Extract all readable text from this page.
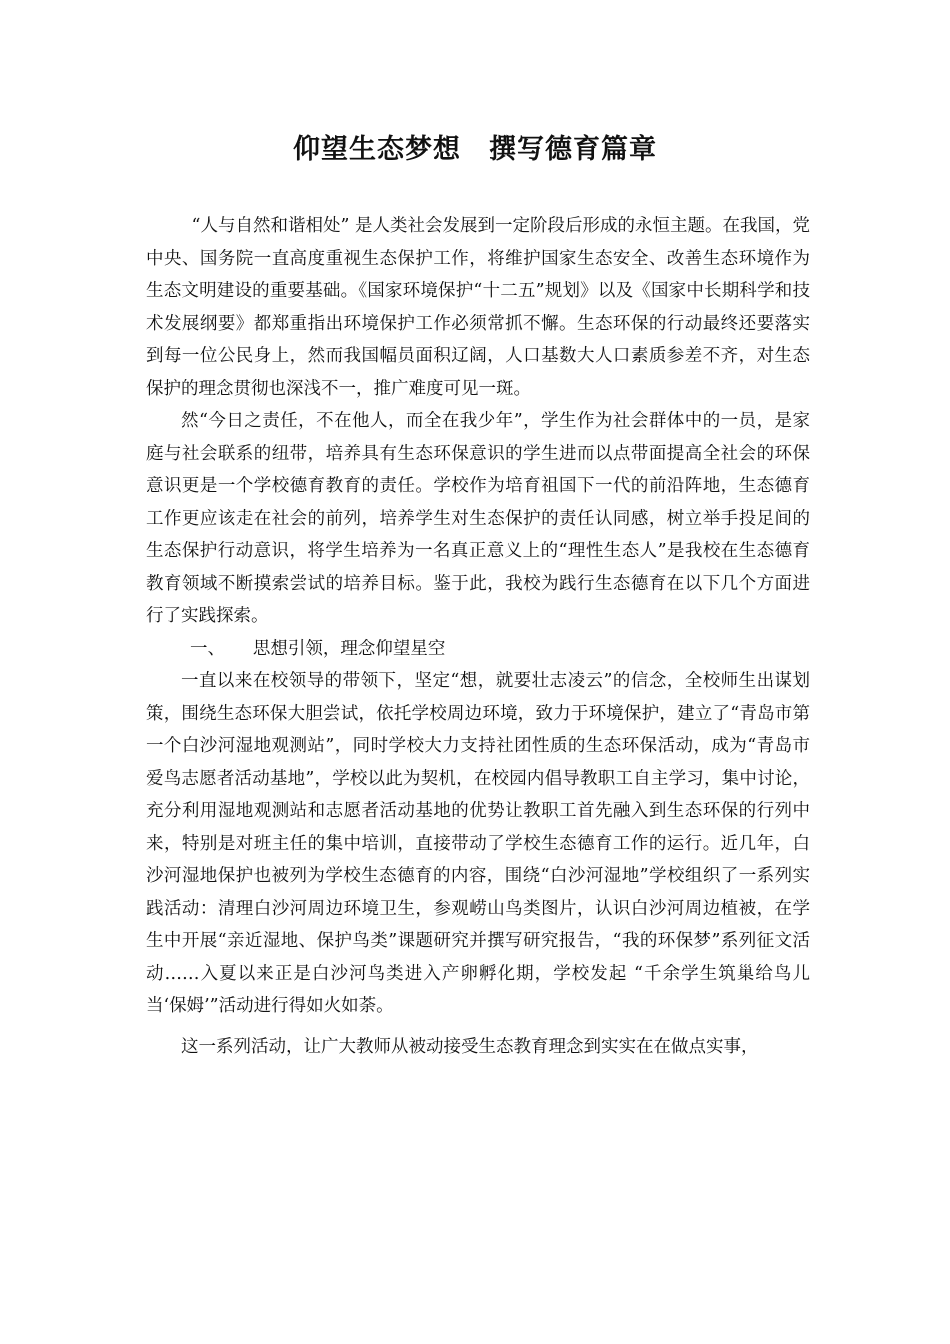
仰望生态梦想　撰写德育篇章

“人与自然和谐相处” 是人类社会发展到一定阶段后形成的永恒主题。在我国，党中央、国务院一直高度重视生态保护工作，将维护国家生态安全、改善生态环境作为生态文明建设的重要基础。《国家环境保护“十二五”规划》以及《国家中长期科学和技术发展纲要》都郑重指出环境保护工作必须常抓不懈。生态环保的行动最终还要落实到每一位公民身上，然而我国幅员面积辽阔，人口基数大人口素质参差不齐，对生态保护的理念贯彻也深浅不一，推广难度可见一斑。

然“今日之责任，不在他人，而全在我少年”，学生作为社会群体中的一员，是家庭与社会联系的纽带，培养具有生态环保意识的学生进而以点带面提高全社会的环保意识更是一个学校德育教育的责任。学校作为培育祖国下一代的前沿阵地，生态德育工作更应该走在社会的前列，培养学生对生态保护的责任认同感，树立举手投足间的生态保护行动意识，将学生培养为一名真正意义上的“理性生态人”是我校在生态德育教育领域不断摸索尝试的培养目标。鉴于此，我校为践行生态德育在以下几个方面进行了实践探索。

一、 思想引领，理念仰望星空

一直以来在校领导的带领下，坚定“想，就要壮志凌云”的信念，全校师生出谋划策，围绕生态环保大胆尝试，依托学校周边环境，致力于环境保护，建立了“青岛市第一个白沙河湿地观测站”，同时学校大力支持社团性质的生态环保活动，成为“青岛市爱鸟志愿者活动基地”，学校以此为契机，在校园内倡导教职工自主学习，集中讨论，充分利用湿地观测站和志愿者活动基地的优势让教职工首先融入到生态环保的行列中来，特别是对班主任的集中培训，直接带动了学校生态德育工作的运行。近几年，白沙河湿地保护也被列为学校生态德育的内容，围绕“白沙河湿地”学校组织了一系列实践活动：清理白沙河周边环境卫生，参观崂山鸟类图片，认识白沙河周边植被，在学生中开展“亲近湿地、保护鸟类”课题研究并撰写研究报告，“我的环保梦”系列征文活动……入夏以来正是白沙河鸟类进入产卵孵化期，学校发起 “千余学生筑巢给鸟儿当‘保姆’”活动进行得如火如荼。

这一系列活动，让广大教师从被动接受生态教育理念到实实在在做点实事，
